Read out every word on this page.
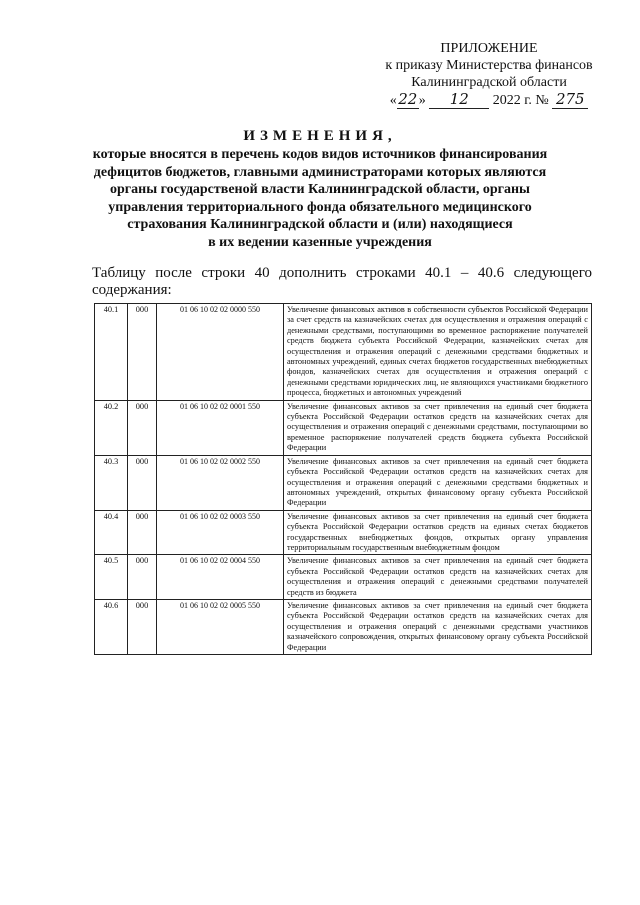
ПРИЛОЖЕНИЕ
к приказу Министерства финансов
Калининградской области
«22» 12 2022 г. № 275
ИЗМЕНЕНИЯ,
которые вносятся в перечень кодов видов источников финансирования
дефицитов бюджетов, главными администраторами которых являются
органы государственой власти Калининградской области, органы
управления территориального фонда обязательного медицинского
страхования Калининградской области и (или) находящиеся
в их ведении казенные учреждения
Таблицу после строки 40 дополнить строками 40.1 – 40.6 следующего содержания:
40.1	000	01 06 10 02 02 0000 550	Увеличение финансовых активов в собственности субъектов Российской Федерации за счет средств на казначейских счетах для осуществления и отражения операций с денежными средствами, поступающими во временное распоряжение получателей средств бюджета субъекта Российской Федерации, казначейских счетах для осуществления и отражения операций с денежными средствами бюджетных и автономных учреждений, единых счетах бюджетов государственных внебюджетных фондов, казначейских счетах для осуществления и отражения операций с денежными средствами юридических лиц, не являющихся участниками бюджетного процесса, бюджетных и автономных учреждений
40.2	000	01 06 10 02 02 0001 550	Увеличение финансовых активов за счет привлечения на единый счет бюджета субъекта Российской Федерации остатков средств на казначейских счетах для осуществления и отражения операций с денежными средствами, поступающими во временное распоряжение получателей средств бюджета субъекта Российской Федерации
40.3	000	01 06 10 02 02 0002 550	Увеличение финансовых активов за счет привлечения на единый счет бюджета субъекта Российской Федерации остатков средств на казначейских счетах для осуществления и отражения операций с денежными средствами бюджетных и автономных учреждений, открытых финансовому органу субъекта Российской Федерации
40.4	000	01 06 10 02 02 0003 550	Увеличение финансовых активов за счет привлечения на единый счет бюджета субъекта Российской Федерации остатков средств на единых счетах бюджетов государственных внебюджетных фондов, открытых органу управления территориальным государственным внебюджетным фондом
40.5	000	01 06 10 02 02 0004 550	Увеличение финансовых активов за счет привлечения на единый счет бюджета субъекта Российской Федерации остатков средств на казначейских счетах для осуществления и отражения операций с денежными средствами получателей средств из бюджета
40.6	000	01 06 10 02 02 0005 550	Увеличение финансовых активов за счет привлечения на единый счет бюджета субъекта Российской Федерации остатков средств на казначейских счетах для осуществления и отражения операций с денежными средствами участников казначейского сопровождения, открытых финансовому органу субъекта Российской Федерации
